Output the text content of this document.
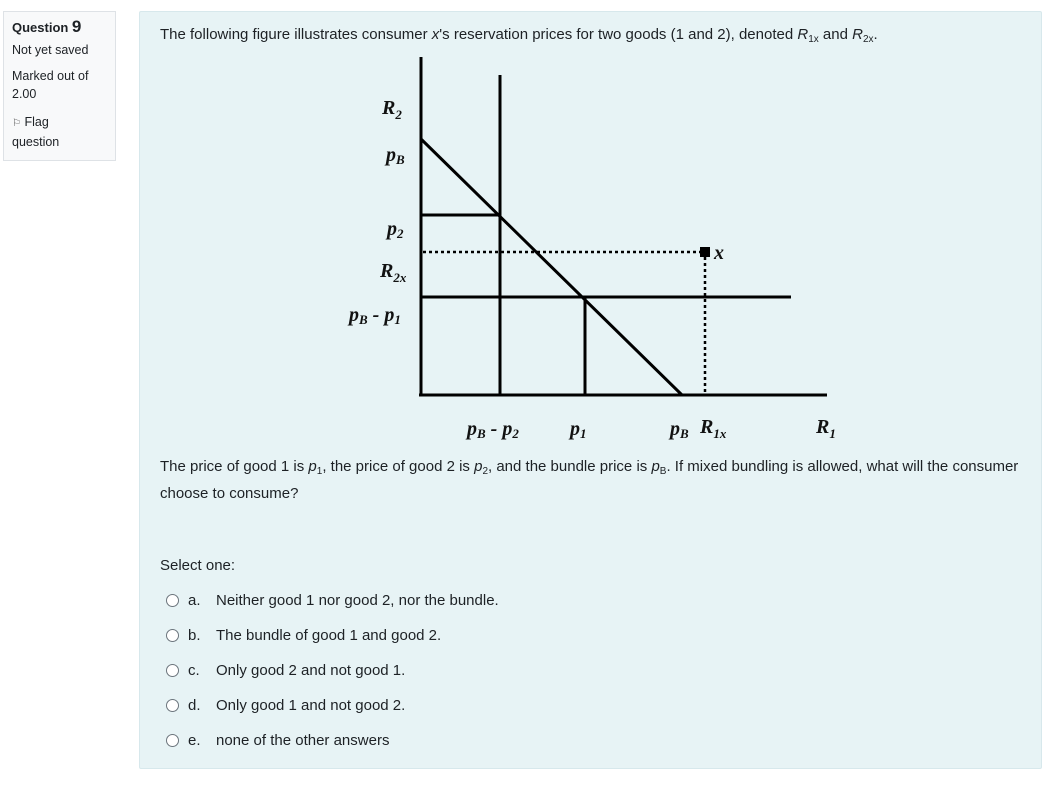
Question 9
Not yet saved
Marked out of
2.00
⚐ Flag
question
The following figure illustrates consumer x's reservation prices for two goods (1 and 2), denoted $R_{1x}$ and $R_{2x}$.
x
$R_2$
pB
p2
$R_{2x}$
pB - p1
pB - p2	p1	pB $R_{1x}$	$R_1$
The price of good 1 is $p_1$, the price of good 2 is $p_2$, and the bundle price is $p_B$. If mixed bundling is allowed, what will the consumer choose to consume?
Select one:
a.	Neither good 1 nor good 2, nor the bundle.
b.	The bundle of good 1 and good 2.
c.	Only good 2 and not good 1.
d.	Only good 1 and not good 2.
e.	none of the other answers
